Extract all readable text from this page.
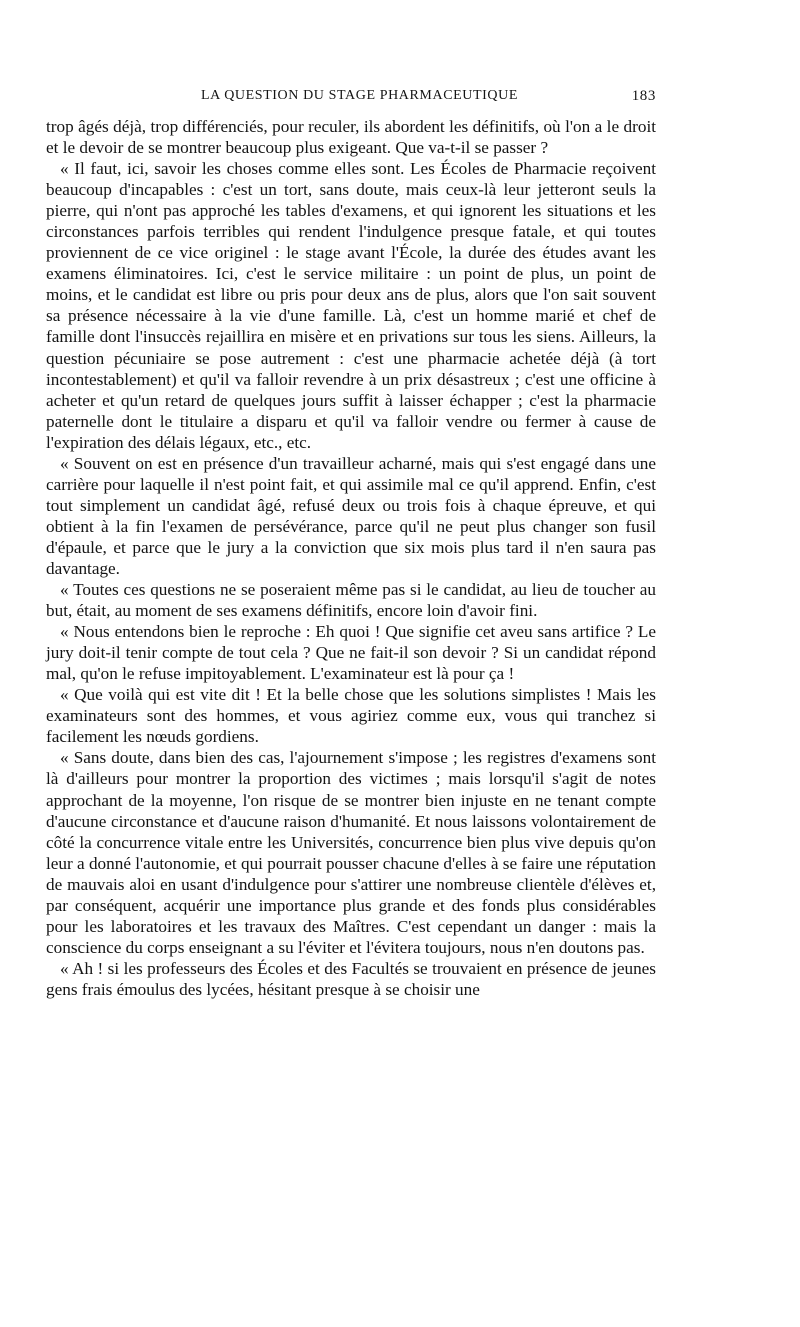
LA QUESTION DU STAGE PHARMACEUTIQUE	183

trop âgés déjà, trop différenciés, pour reculer, ils abordent les définitifs, où l'on a le droit et le devoir de se montrer beaucoup plus exigeant. Que va-t-il se passer ?

« Il faut, ici, savoir les choses comme elles sont. Les Écoles de Pharmacie reçoivent beaucoup d'incapables : c'est un tort, sans doute, mais ceux-là leur jetteront seuls la pierre, qui n'ont pas approché les tables d'examens, et qui ignorent les situations et les circonstances parfois terribles qui rendent l'indulgence presque fatale, et qui toutes proviennent de ce vice originel : le stage avant l'École, la durée des études avant les examens éliminatoires. Ici, c'est le service militaire : un point de plus, un point de moins, et le candidat est libre ou pris pour deux ans de plus, alors que l'on sait souvent sa présence nécessaire à la vie d'une famille. Là, c'est un homme marié et chef de famille dont l'insuccès rejaillira en misère et en privations sur tous les siens. Ailleurs, la question pécuniaire se pose autrement : c'est une pharmacie achetée déjà (à tort incontestablement) et qu'il va falloir revendre à un prix désastreux ; c'est une officine à acheter et qu'un retard de quelques jours suffit à laisser échapper ; c'est la pharmacie paternelle dont le titulaire a disparu et qu'il va falloir vendre ou fermer à cause de l'expiration des délais légaux, etc., etc.

« Souvent on est en présence d'un travailleur acharné, mais qui s'est engagé dans une carrière pour laquelle il n'est point fait, et qui assimile mal ce qu'il apprend. Enfin, c'est tout simplement un candidat âgé, refusé deux ou trois fois à chaque épreuve, et qui obtient à la fin l'examen de persévérance, parce qu'il ne peut plus changer son fusil d'épaule, et parce que le jury a la conviction que six mois plus tard il n'en saura pas davantage.

« Toutes ces questions ne se poseraient même pas si le candidat, au lieu de toucher au but, était, au moment de ses examens définitifs, encore loin d'avoir fini.

« Nous entendons bien le reproche : Eh quoi ! Que signifie cet aveu sans artifice ? Le jury doit-il tenir compte de tout cela ? Que ne fait-il son devoir ? Si un candidat répond mal, qu'on le refuse impitoyablement. L'examinateur est là pour ça !

« Que voilà qui est vite dit ! Et la belle chose que les solutions simplistes ! Mais les examinateurs sont des hommes, et vous agiriez comme eux, vous qui tranchez si facilement les nœuds gordiens.

« Sans doute, dans bien des cas, l'ajournement s'impose ; les registres d'examens sont là d'ailleurs pour montrer la proportion des victimes ; mais lorsqu'il s'agit de notes approchant de la moyenne, l'on risque de se montrer bien injuste en ne tenant compte d'aucune circonstance et d'aucune raison d'humanité. Et nous laissons volontairement de côté la concurrence vitale entre les Universités, concurrence bien plus vive depuis qu'on leur a donné l'autonomie, et qui pourrait pousser chacune d'elles à se faire une réputation de mauvais aloi en usant d'indulgence pour s'attirer une nombreuse clientèle d'élèves et, par conséquent, acquérir une importance plus grande et des fonds plus considérables pour les laboratoires et les travaux des Maîtres. C'est cependant un danger : mais la conscience du corps enseignant a su l'éviter et l'évitera toujours, nous n'en doutons pas.

« Ah ! si les professeurs des Écoles et des Facultés se trouvaient en présence de jeunes gens frais émoulus des lycées, hésitant presque à se choisir une
